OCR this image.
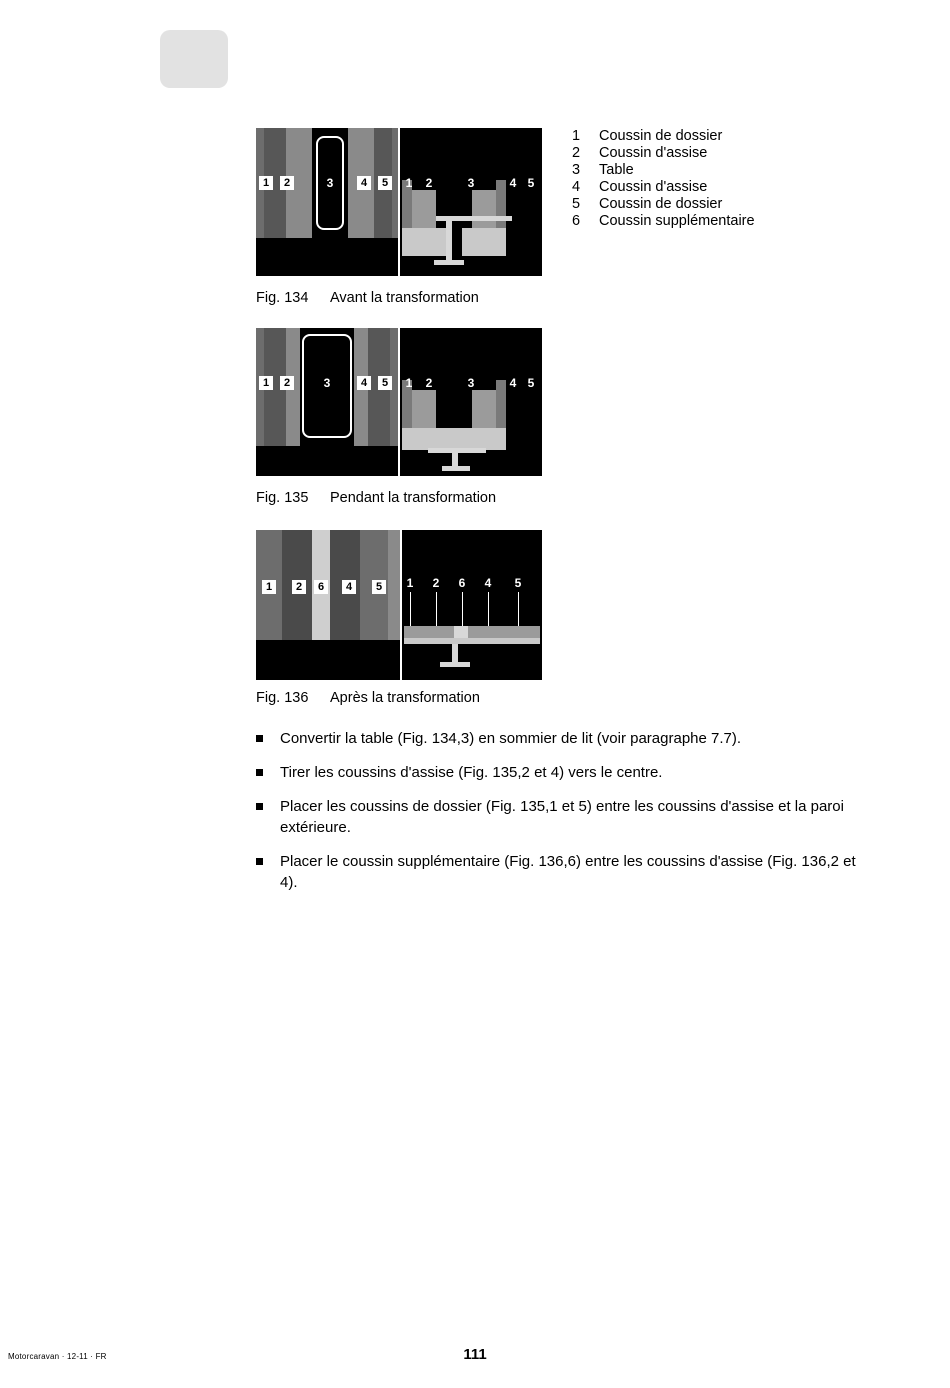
1	2	3	4	5	1	2	3	4 5
Fig. 134 Avant la transformation
1	Coussin de dossier
2	Coussin d'assise
3	Table
4	Coussin d'assise
5	Coussin de dossier
6	Coussin supplémentaire
1	2	3	4	5	1	2	3	4 5
Fig. 135 Pendant la transformation
1	2	6	4	5	1	2	6	4	5
Fig. 136 Après la transformation
Convertir la table (Fig. 134,3) en sommier de lit (voir paragraphe 7.7).
Tirer les coussins d'assise (Fig. 135,2 et 4) vers le centre.
Placer les coussins de dossier (Fig. 135,1 et 5) entre les coussins d'assise et la paroi extérieure.
Placer le coussin supplémentaire (Fig. 136,6) entre les coussins d'assise (Fig. 136,2 et 4).
Motorcaravan · 12-11 · FR	111
